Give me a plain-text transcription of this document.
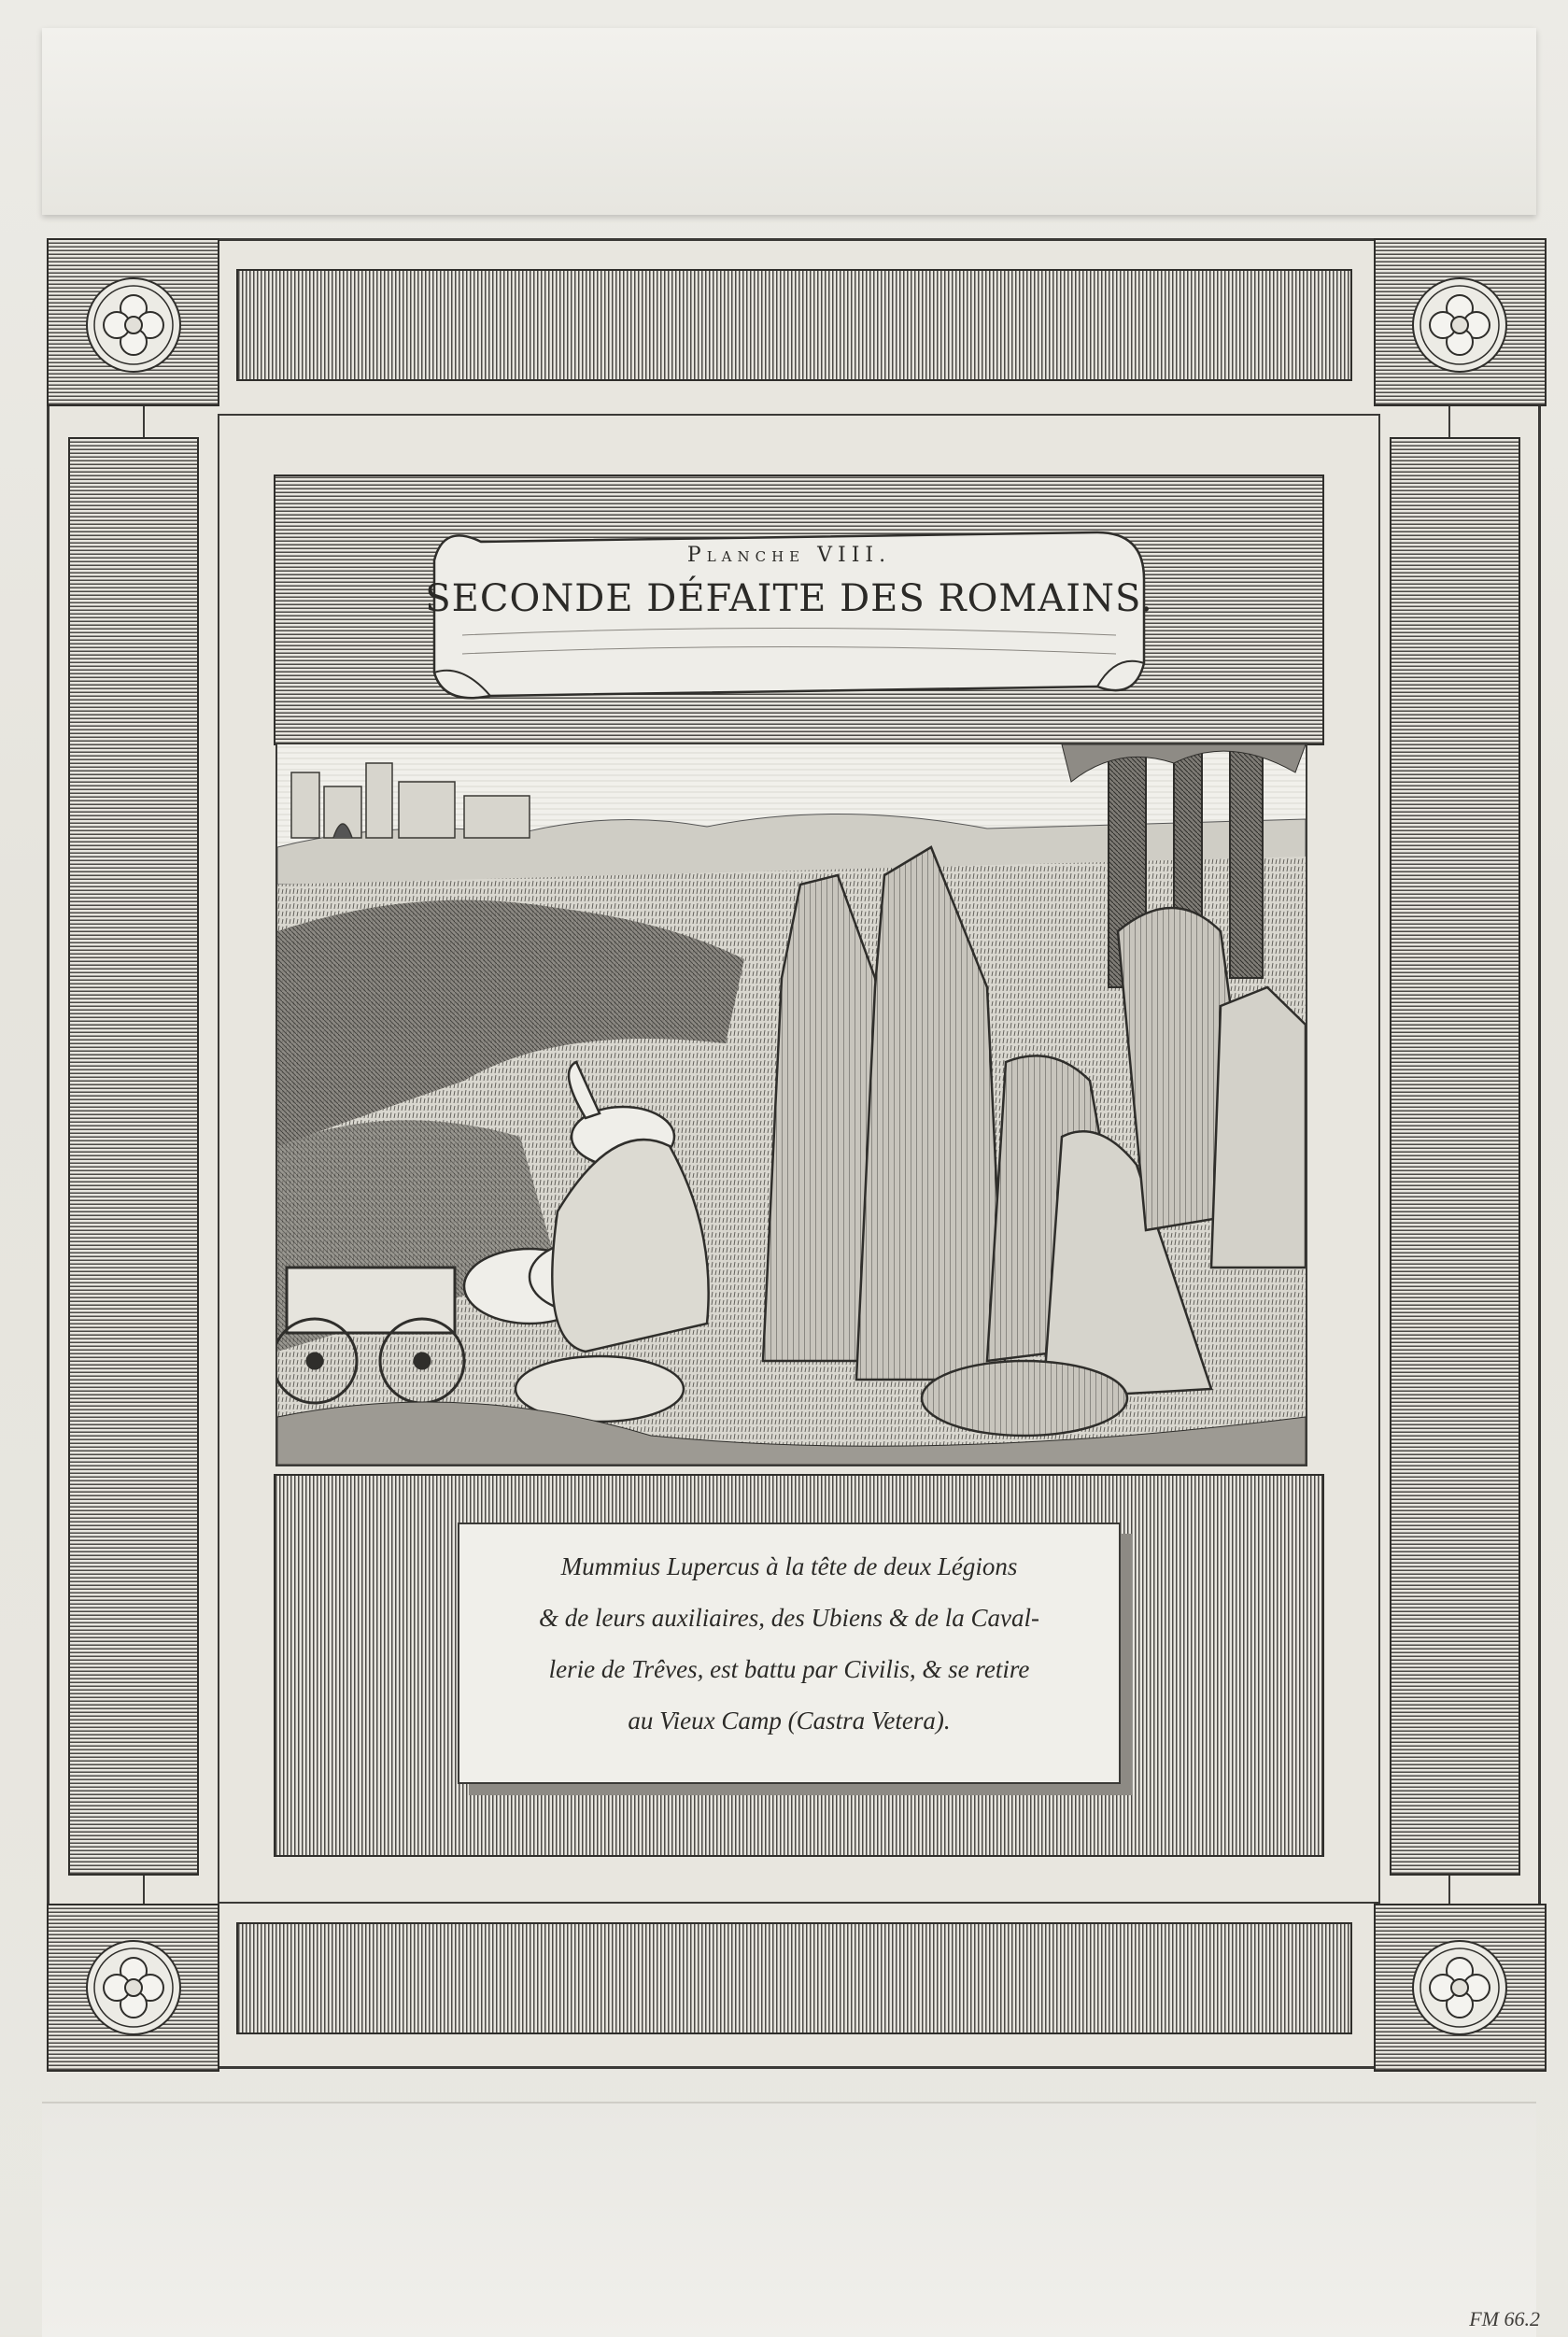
Planche VIII.
SECONDE DÉFAITE DES ROMAINS.
Mummius Lupercus à la tête de deux Légions
& de leurs auxiliaires, des Ubiens & de la Caval-
lerie de Trêves, est battu par Civilis, & se retire
au Vieux Camp (Castra Vetera).
FM 66.2
